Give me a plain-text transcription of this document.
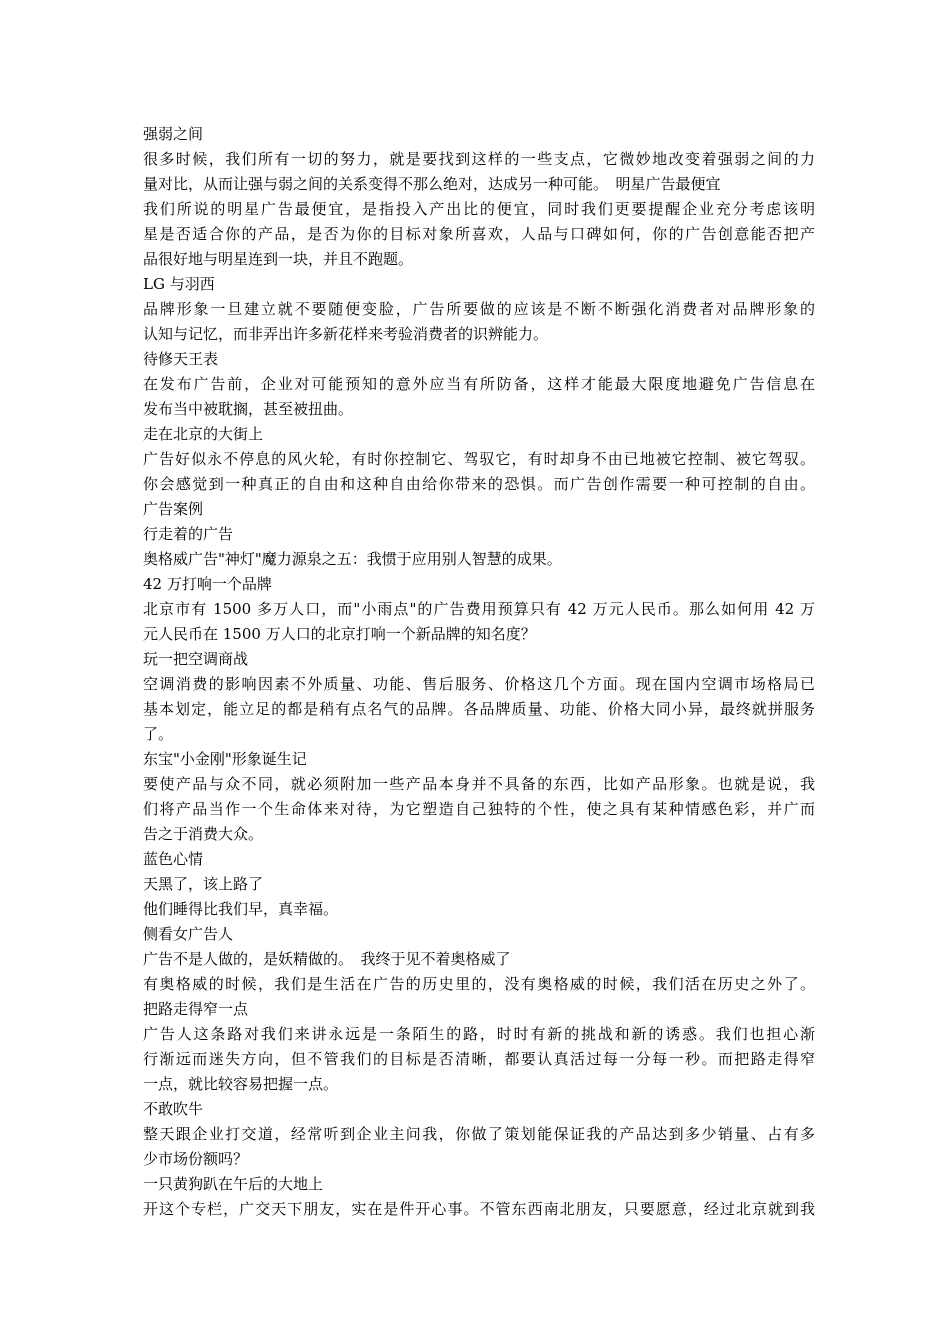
强弱之间
很多时候，我们所有一切的努力，就是要找到这样的一些支点，它微妙地改变着强弱之间的力
量对比，从而让强与弱之间的关系变得不那么绝对，达成另一种可能。　明星广告最便宜
我们所说的明星广告最便宜，是指投入产出比的便宜，同时我们更要提醒企业充分考虑该明
星是否适合你的产品，是否为你的目标对象所喜欢，人品与口碑如何，你的广告创意能否把产
品很好地与明星连到一块，并且不跑题。
LG 与羽西
品牌形象一旦建立就不要随便变脸，广告所要做的应该是不断不断强化消费者对品牌形象的
认知与记忆，而非弄出许多新花样来考验消费者的识辨能力。
待修天王表
在发布广告前，企业对可能预知的意外应当有所防备，这样才能最大限度地避免广告信息在
发布当中被耽搁，甚至被扭曲。
走在北京的大街上
广告好似永不停息的风火轮，有时你控制它、驾驭它，有时却身不由已地被它控制、被它驾驭。
你会感觉到一种真正的自由和这种自由给你带来的恐惧。而广告创作需要一种可控制的自由。
广告案例
行走着的广告
奥格威广告"神灯"魔力源泉之五：我惯于应用别人智慧的成果。
42 万打响一个品牌
北京市有 1500 多万人口，而"小雨点"的广告费用预算只有 42 万元人民币。那么如何用 42 万
元人民币在 1500 万人口的北京打响一个新品牌的知名度？
玩一把空调商战
空调消费的影响因素不外质量、功能、售后服务、价格这几个方面。现在国内空调市场格局已
基本划定，能立足的都是稍有点名气的品牌。各品牌质量、功能、价格大同小异，最终就拼服务
了。
东宝"小金刚"形象诞生记
要使产品与众不同，就必须附加一些产品本身并不具备的东西，比如产品形象。也就是说，我
们将产品当作一个生命体来对待，为它塑造自己独特的个性，使之具有某种情感色彩，并广而
告之于消费大众。
蓝色心情
天黑了，该上路了
他们睡得比我们早，真幸福。
侧看女广告人
广告不是人做的，是妖精做的。　我终于见不着奥格威了
有奥格威的时候，我们是生活在广告的历史里的，没有奥格威的时候，我们活在历史之外了。
把路走得窄一点
广告人这条路对我们来讲永远是一条陌生的路，时时有新的挑战和新的诱惑。我们也担心渐
行渐远而迷失方向，但不管我们的目标是否清晰，都要认真活过每一分每一秒。而把路走得窄
一点，就比较容易把握一点。
不敢吹牛
整天跟企业打交道，经常听到企业主问我，你做了策划能保证我的产品达到多少销量、占有多
少市场份额吗？
一只黄狗趴在午后的大地上
开这个专栏，广交天下朋友，实在是件开心事。不管东西南北朋友，只要愿意，经过北京就到我
